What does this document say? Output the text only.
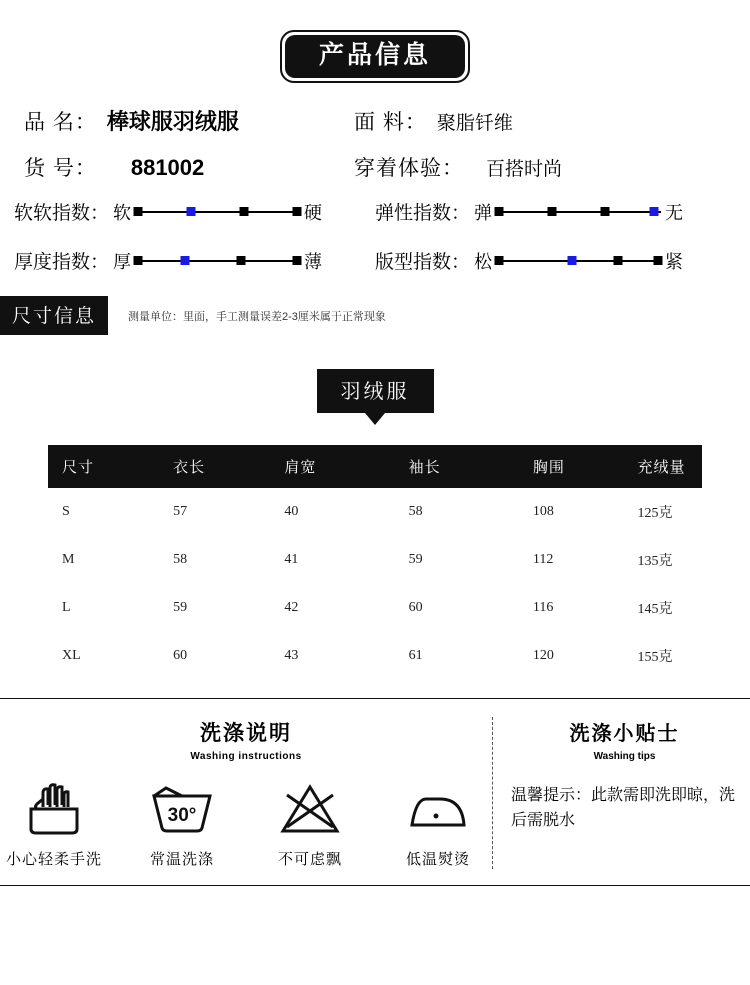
产品信息
品 名： 棒球服羽绒服	面 料： 聚脂钎维
货 号： 881002	穿着体验： 百搭时尚
软软指数： 软	硬	弹性指数： 弹	无
厚度指数： 厚	薄	版型指数： 松	紧
尺寸信息	测量单位：里面，手工测量误差2-3厘米属于正常现象
羽绒服
尺寸	衣长	肩宽	袖长	胸围	充绒量
S	57	40	58	108	125克
M	58	41	59	112	135克
L	59	42	60	116	145克
XL	60	43	61	120	155克
洗涤说明
Washing instructions
小心轻柔手洗
30°
常温洗涤	不可虑飘	低温熨烫
洗涤小贴士
Washing tips
温馨提示：此款需即洗即晾，洗后需脱水
